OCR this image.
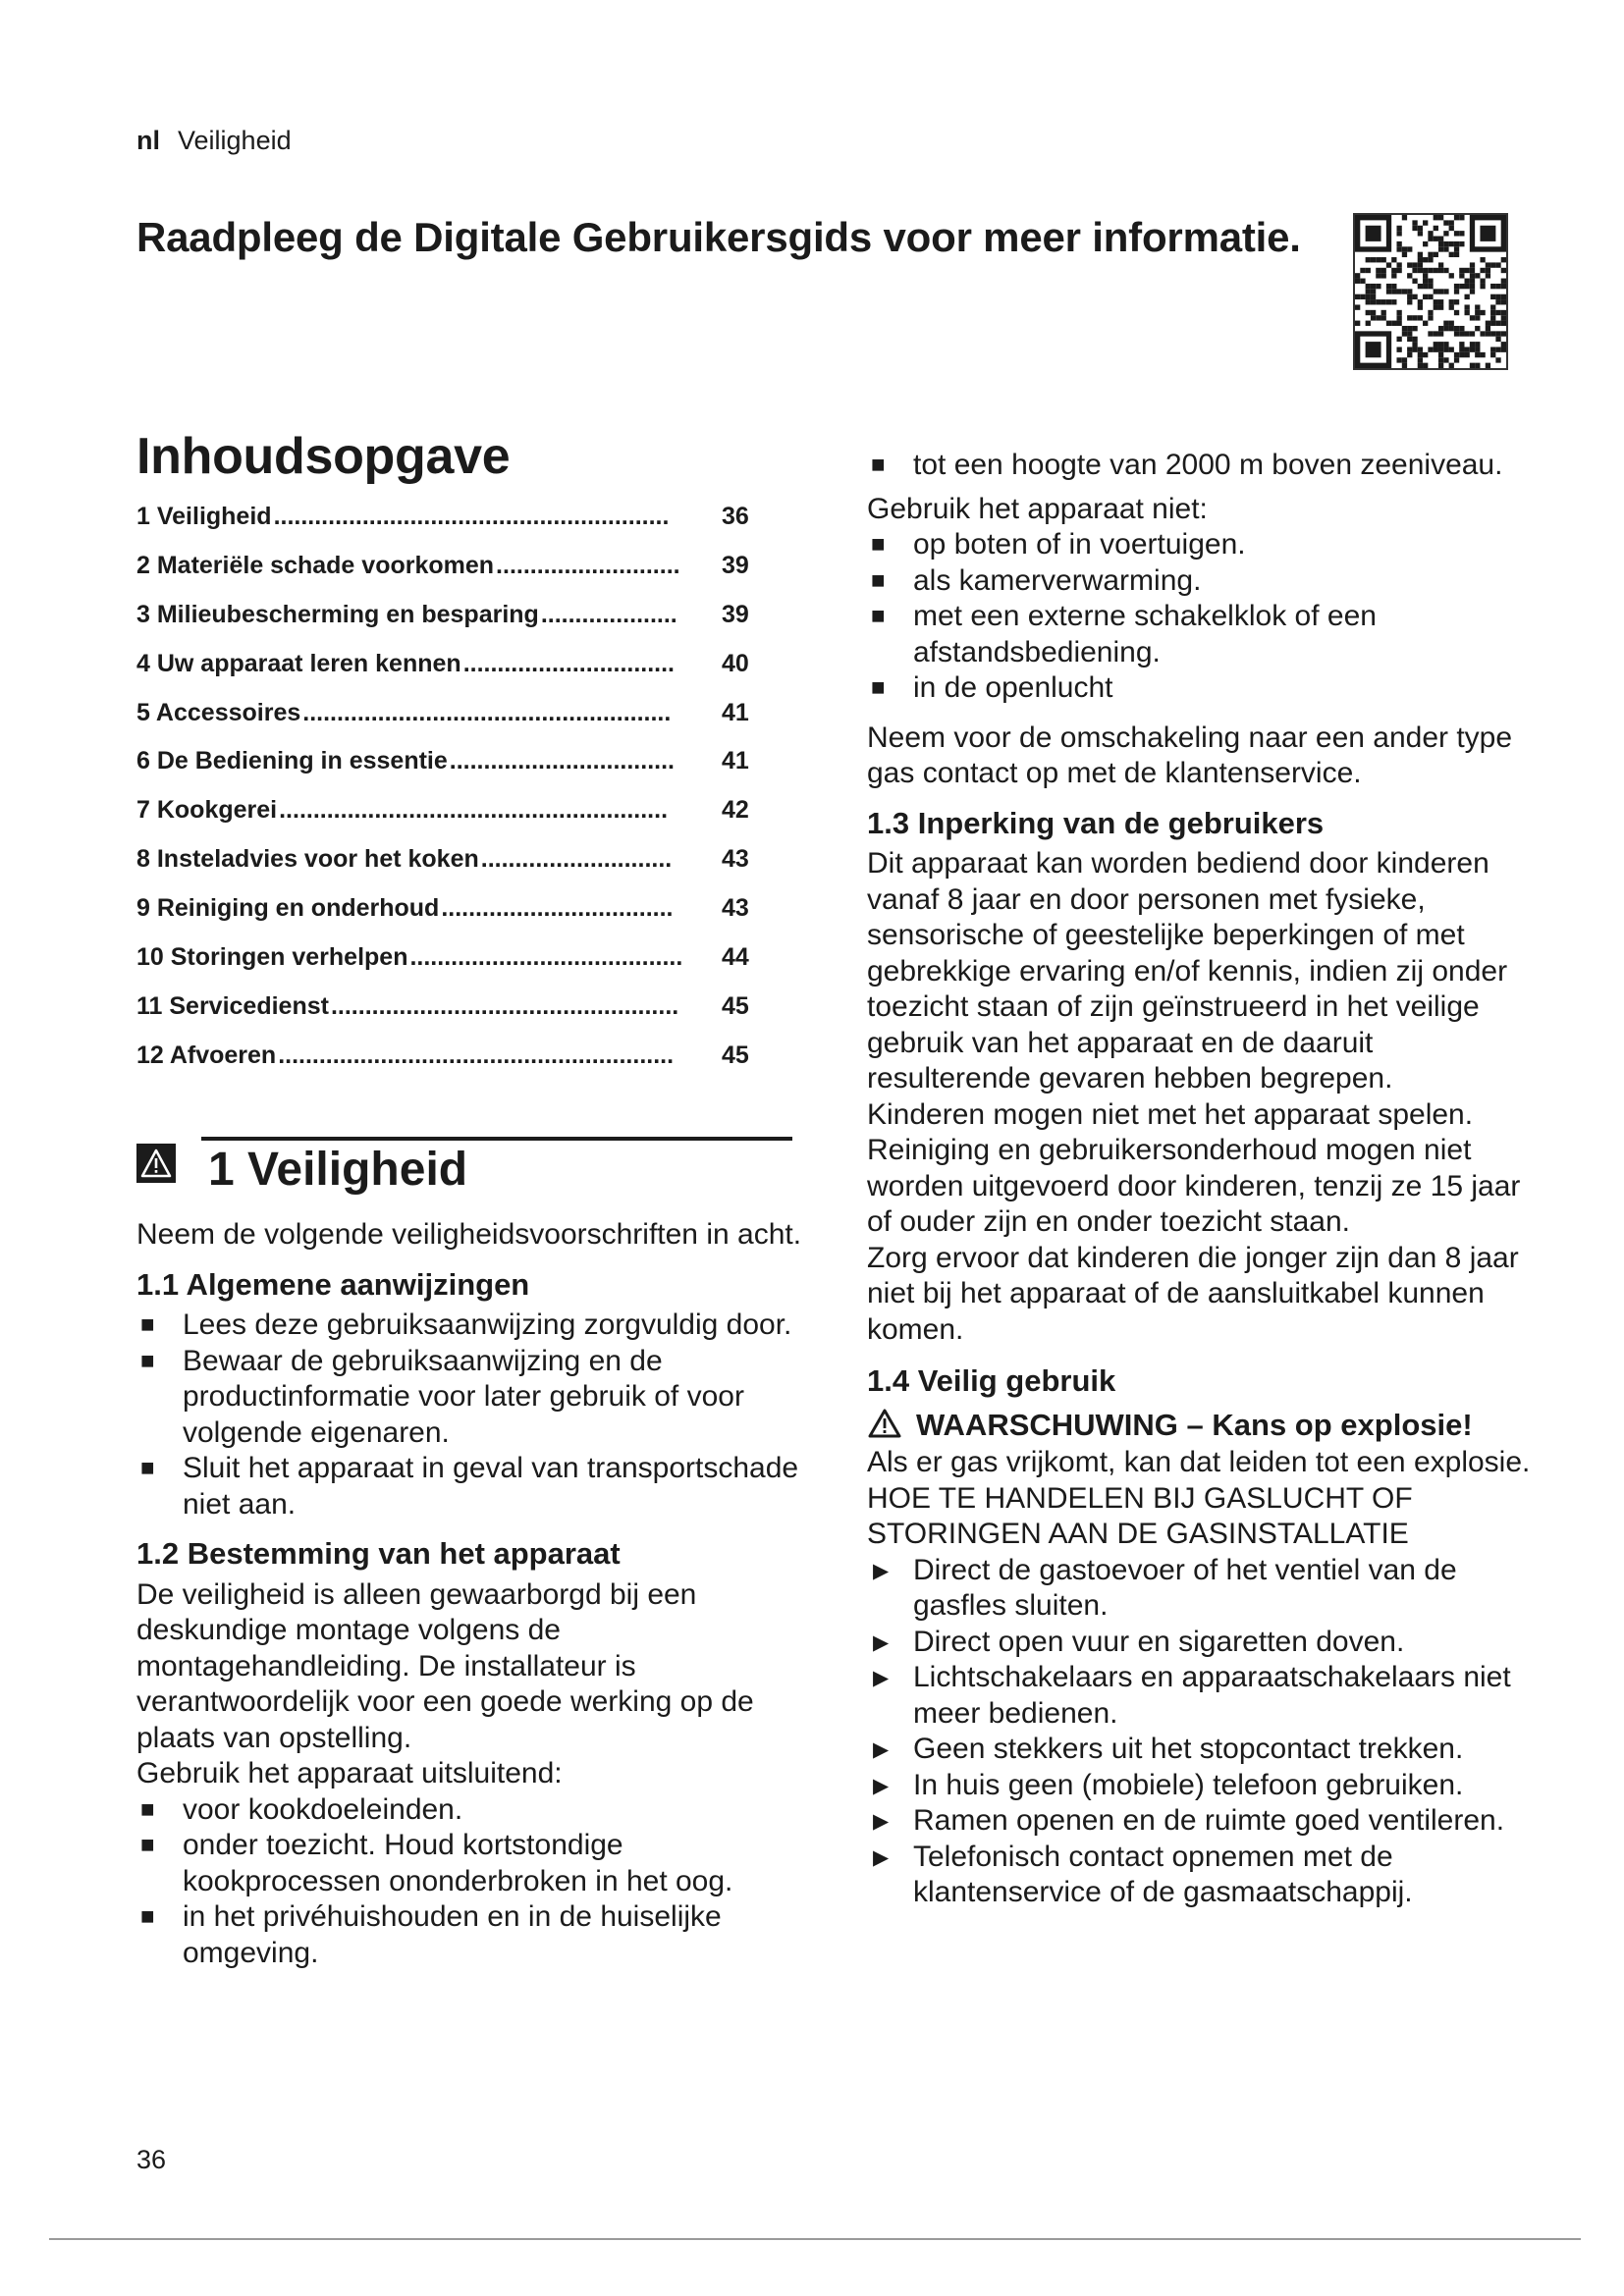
nl Veiligheid
Raadpleeg de Digitale Gebruikersgids voor meer informatie.
Inhoudsopgave
1 Veiligheid ..........................................................	36
2 Materiële schade voorkomen ...........................	39
3 Milieubescherming en besparing ....................	39
4 Uw apparaat leren kennen ...............................	40
5 Accessoires ......................................................	41
6 De Bediening in essentie .................................	41
7 Kookgerei .........................................................	42
8 Insteladvies voor het koken ............................	43
9 Reiniging en onderhoud ..................................	43
10 Storingen verhelpen ........................................	44
11 Servicedienst ...................................................	45
12 Afvoeren ..........................................................	45
1 Veiligheid

Neem de volgende veiligheidsvoorschriften in acht.

1.1 Algemene aanwijzingen

■ Lees deze gebruiksaanwijzing zorgvuldig door.
■ Bewaar de gebruiksaanwijzing en de productinformatie voor later gebruik of voor volgende eigenaren.
■ Sluit het apparaat in geval van transportschade niet aan.

1.2 Bestemming van het apparaat

De veiligheid is alleen gewaarborgd bij een deskundige montage volgens de montagehandleiding. De installateur is verantwoordelijk voor een goede werking op de plaats van opstelling.

Gebruik het apparaat uitsluitend:

■ voor kookdoeleinden.
■ onder toezicht. Houd kortstondige kookprocessen ononderbroken in het oog.
■ in het privéhuishouden en in de huiselijke omgeving.
■ tot een hoogte van 2000 m boven zeeniveau.

Gebruik het apparaat niet:

■ op boten of in voertuigen.
■ als kamerverwarming.
■ met een externe schakelklok of een afstandsbediening.
■ in de openlucht

Neem voor de omschakeling naar een ander type gas contact op met de klantenservice.

1.3 Inperking van de gebruikers

Dit apparaat kan worden bediend door kinderen vanaf 8 jaar en door personen met fysieke, sensorische of geestelijke beperkingen of met gebrekkige ervaring en/of kennis, indien zij onder toezicht staan of zijn geïnstrueerd in het veilige gebruik van het apparaat en de daaruit resulterende gevaren hebben begrepen.

Kinderen mogen niet met het apparaat spelen.

Reiniging en gebruikersonderhoud mogen niet worden uitgevoerd door kinderen, tenzij ze 15 jaar of ouder zijn en onder toezicht staan.

Zorg ervoor dat kinderen die jonger zijn dan 8 jaar niet bij het apparaat of de aansluitkabel kunnen komen.

1.4 Veilig gebruik

WAARSCHUWING – Kans op explosie!

Als er gas vrijkomt, kan dat leiden tot een explosie. HOE TE HANDELEN BIJ GASLUCHT OF STORINGEN AAN DE GASINSTALLATIE

▶ Direct de gastoevoer of het ventiel van de gasfles sluiten.
▶ Direct open vuur en sigaretten doven.
▶ Lichtschakelaars en apparaatschakelaars niet meer bedienen.
▶ Geen stekkers uit het stopcontact trekken.
▶ In huis geen (mobiele) telefoon gebruiken.
▶ Ramen openen en de ruimte goed ventileren.
▶ Telefonisch contact opnemen met de klantenservice of de gasmaatschappij.
36
